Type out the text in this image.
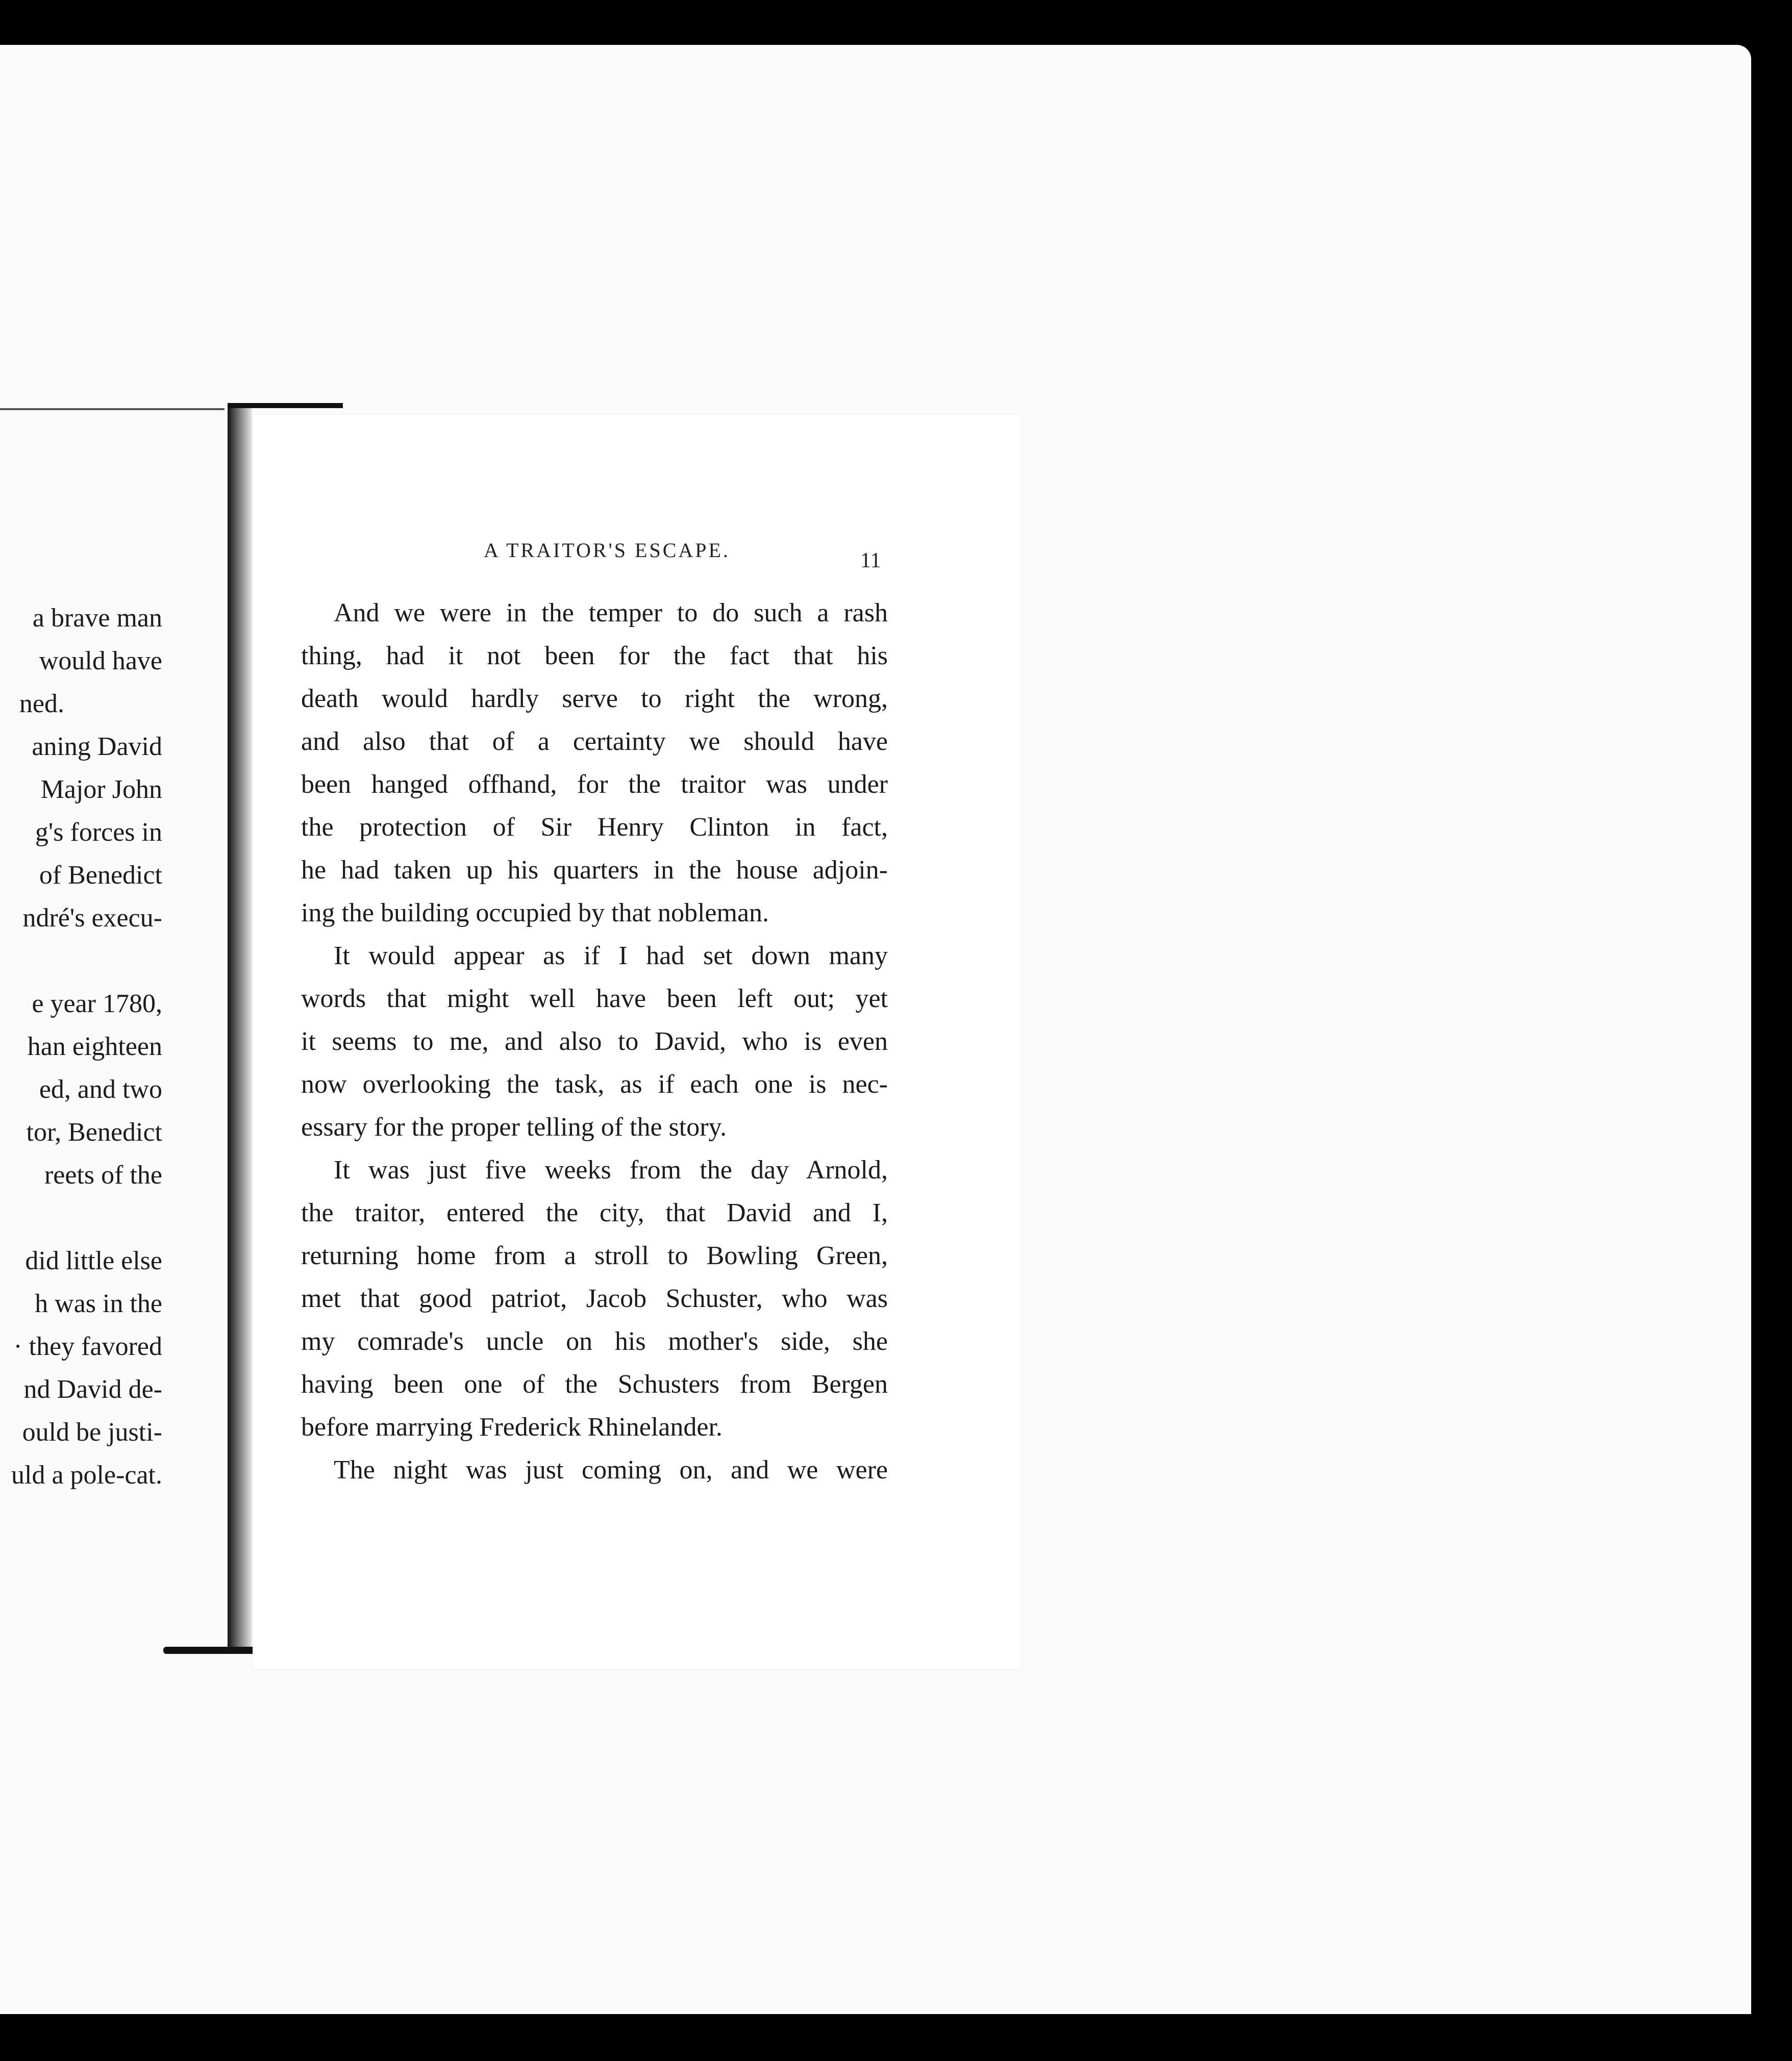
a brave man
would have
ned.
aning David
Major John
g's forces in
of Benedict
ndré's execu-
e year 1780,
han eighteen
ed, and two
tor, Benedict
reets of the
did little else
h was in the
· they favored
nd David de-
ould be justi-
uld a pole-cat.
A TRAITOR'S ESCAPE.	11
And we were in the temper to do such a rash
thing, had it not been for the fact that his
death would hardly serve to right the wrong,
and also that of a certainty we should have
been hanged offhand, for the traitor was under
the protection of Sir Henry Clinton in fact,
he had taken up his quarters in the house adjoin-
ing the building occupied by that nobleman.
It would appear as if I had set down many
words that might well have been left out; yet
it seems to me, and also to David, who is even
now overlooking the task, as if each one is nec-
essary for the proper telling of the story.
It was just five weeks from the day Arnold,
the traitor, entered the city, that David and I,
returning home from a stroll to Bowling Green,
met that good patriot, Jacob Schuster, who was
my comrade's uncle on his mother's side, she
having been one of the Schusters from Bergen
before marrying Frederick Rhinelander.
The night was just coming on, and we were
